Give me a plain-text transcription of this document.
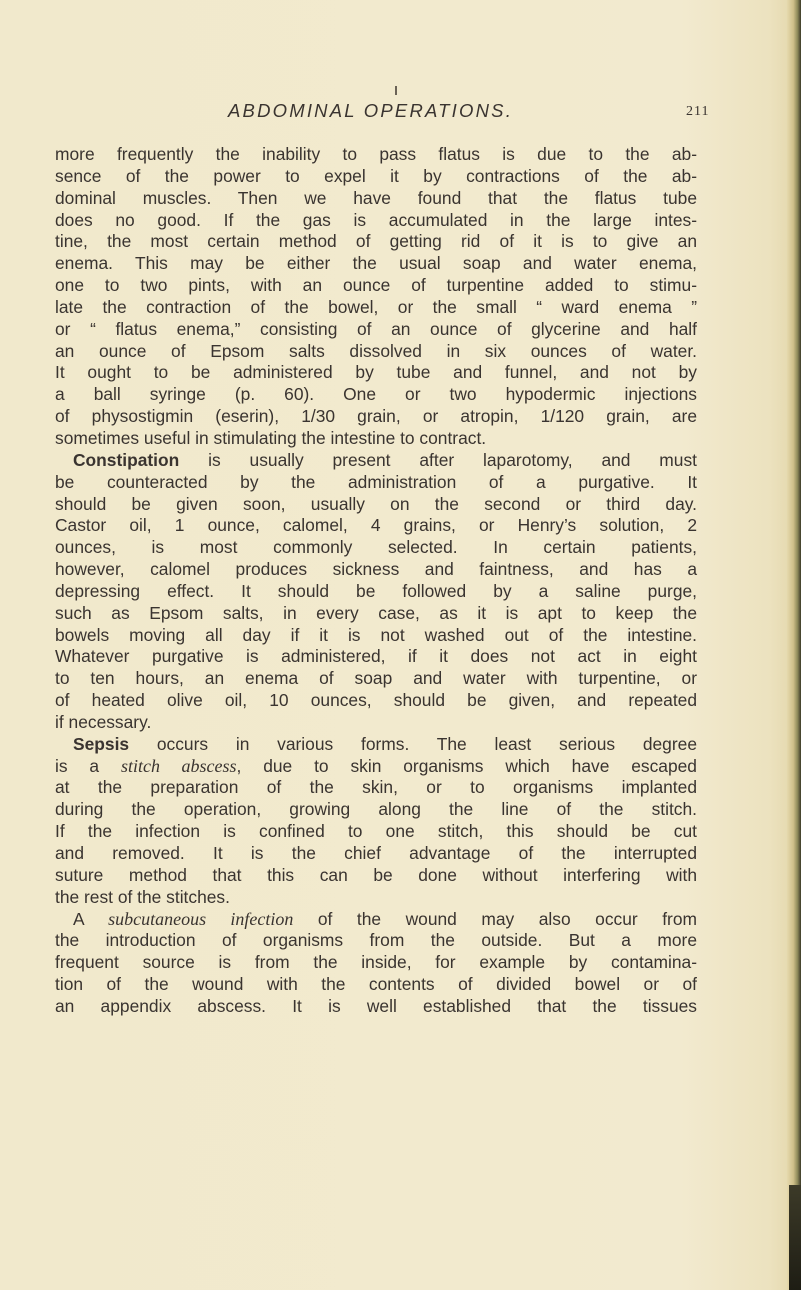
ABDOMINAL OPERATIONS.	211

more frequently the inability to pass flatus is due to the ab-
sence of the power to expel it by contractions of the ab-
dominal muscles. Then we have found that the flatus tube
does no good. If the gas is accumulated in the large intes-
tine, the most certain method of getting rid of it is to give an
enema. This may be either the usual soap and water enema,
one to two pints, with an ounce of turpentine added to stimu-
late the contraction of the bowel, or the small “ ward enema ”
or “ flatus enema,” consisting of an ounce of glycerine and half
an ounce of Epsom salts dissolved in six ounces of water.
It ought to be administered by tube and funnel, and not by
a ball syringe (p. 60). One or two hypodermic injections
of physostigmin (eserin), 1/30 grain, or atropin, 1/120 grain, are
sometimes useful in stimulating the intestine to contract.

Constipation is usually present after laparotomy, and must
be counteracted by the administration of a purgative. It
should be given soon, usually on the second or third day.
Castor oil, 1 ounce, calomel, 4 grains, or Henry’s solution, 2
ounces, is most commonly selected. In certain patients,
however, calomel produces sickness and faintness, and has a
depressing effect. It should be followed by a saline purge,
such as Epsom salts, in every case, as it is apt to keep the
bowels moving all day if it is not washed out of the intestine.
Whatever purgative is administered, if it does not act in eight
to ten hours, an enema of soap and water with turpentine, or
of heated olive oil, 10 ounces, should be given, and repeated
if necessary.

Sepsis occurs in various forms. The least serious degree
is a stitch abscess, due to skin organisms which have escaped
at the preparation of the skin, or to organisms implanted
during the operation, growing along the line of the stitch.
If the infection is confined to one stitch, this should be cut
and removed. It is the chief advantage of the interrupted
suture method that this can be done without interfering with
the rest of the stitches.

A subcutaneous infection of the wound may also occur from
the introduction of organisms from the outside. But a more
frequent source is from the inside, for example by contamina-
tion of the wound with the contents of divided bowel or of
an appendix abscess. It is well established that the tissues
